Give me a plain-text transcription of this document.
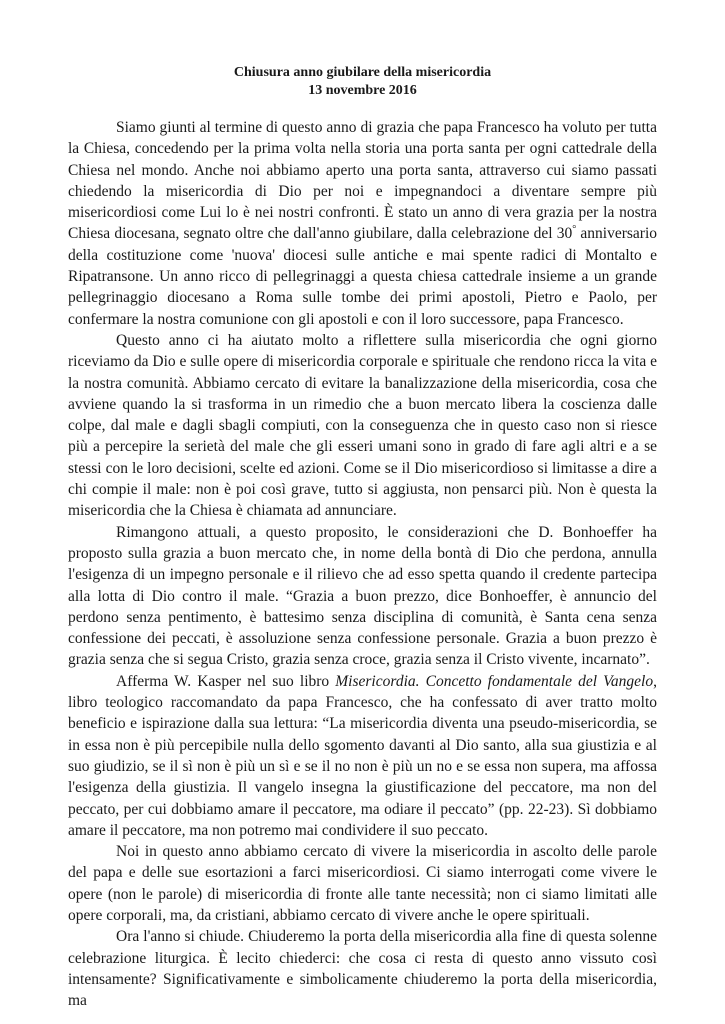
Chiusura anno giubilare della misericordia

13 novembre 2016

Siamo giunti al termine di questo anno di grazia che papa Francesco ha voluto per tutta la Chiesa, concedendo per la prima volta nella storia una porta santa per ogni cattedrale della Chiesa nel mondo. Anche noi abbiamo aperto una porta santa, attraverso cui siamo passati chiedendo la misericordia di Dio per noi e impegnandoci a diventare sempre più misericordiosi come Lui lo è nei nostri confronti. È stato un anno di vera grazia per la nostra Chiesa diocesana, segnato oltre che dall'anno giubilare, dalla celebrazione del 30° anniversario della costituzione come 'nuova' diocesi sulle antiche e mai spente radici di Montalto e Ripatransone. Un anno ricco di pellegrinaggi a questa chiesa cattedrale insieme a un grande pellegrinaggio diocesano a Roma sulle tombe dei primi apostoli, Pietro e Paolo, per confermare la nostra comunione con gli apostoli e con il loro successore, papa Francesco.

Questo anno ci ha aiutato molto a riflettere sulla misericordia che ogni giorno riceviamo da Dio e sulle opere di misericordia corporale e spirituale che rendono ricca la vita e la nostra comunità. Abbiamo cercato di evitare la banalizzazione della misericordia, cosa che avviene quando la si trasforma in un rimedio che a buon mercato libera la coscienza dalle colpe, dal male e dagli sbagli compiuti, con la conseguenza che in questo caso non si riesce più a percepire la serietà del male che gli esseri umani sono in grado di fare agli altri e a se stessi con le loro decisioni, scelte ed azioni. Come se il Dio misericordioso si limitasse a dire a chi compie il male: non è poi così grave, tutto si aggiusta, non pensarci più. Non è questa la misericordia che la Chiesa è chiamata ad annunciare.

Rimangono attuali, a questo proposito, le considerazioni che D. Bonhoeffer ha proposto sulla grazia a buon mercato che, in nome della bontà di Dio che perdona, annulla l'esigenza di un impegno personale e il rilievo che ad esso spetta quando il credente partecipa alla lotta di Dio contro il male. “Grazia a buon prezzo, dice Bonhoeffer, è annuncio del perdono senza pentimento, è battesimo senza disciplina di comunità, è Santa cena senza confessione dei peccati, è assoluzione senza confessione personale. Grazia a buon prezzo è grazia senza che si segua Cristo, grazia senza croce, grazia senza il Cristo vivente, incarnato”.

Afferma W. Kasper nel suo libro Misericordia. Concetto fondamentale del Vangelo, libro teologico raccomandato da papa Francesco, che ha confessato di aver tratto molto beneficio e ispirazione dalla sua lettura: “La misericordia diventa una pseudo-misericordia, se in essa non è più percepibile nulla dello sgomento davanti al Dio santo, alla sua giustizia e al suo giudizio, se il sì non è più un sì e se il no non è più un no e se essa non supera, ma affossa l'esigenza della giustizia. Il vangelo insegna la giustificazione del peccatore, ma non del peccato, per cui dobbiamo amare il peccatore, ma odiare il peccato” (pp. 22-23). Sì dobbiamo amare il peccatore, ma non potremo mai condividere il suo peccato.

Noi in questo anno abbiamo cercato di vivere la misericordia in ascolto delle parole del papa e delle sue esortazioni a farci misericordiosi. Ci siamo interrogati come vivere le opere (non le parole) di misericordia di fronte alle tante necessità; non ci siamo limitati alle opere corporali, ma, da cristiani, abbiamo cercato di vivere anche le opere spirituali.

Ora l'anno si chiude. Chiuderemo la porta della misericordia alla fine di questa solenne celebrazione liturgica. È lecito chiederci: che cosa ci resta di questo anno vissuto così intensamente? Significativamente e simbolicamente chiuderemo la porta della misericordia, ma
